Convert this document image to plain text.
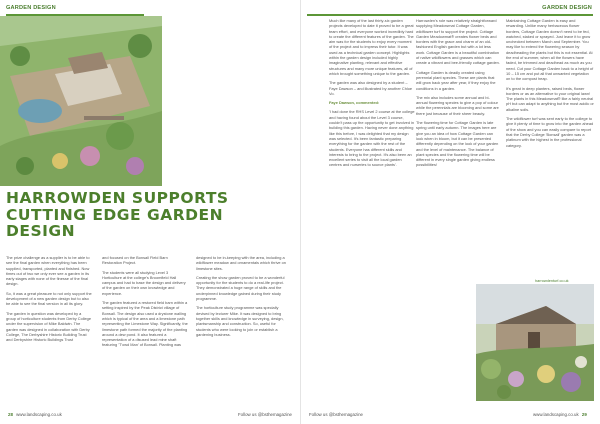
GARDEN DESIGN
HARROWDEN SUPPORTS CUTTING EDGE GARDEN DESIGN

The prize challenge as a supplier is to be able to see the final garden when everything has been supplied, transported, planted and finished. Now times out of two we only ever see a garden in its early stages with none of the finesse of the final design.

So, it was a great pleasure to not only support the development of a new garden design but to also be able to see the final version in all its glory.

The garden in question was developed by a group of horticulture students from Derby College under the supervision of Mike Baldwin. The garden was designed in collaboration with Derby College, The Derbyshire Historic Building Trust and Derbyshire Historic Buildings Trust

and focused on the Bonsall Field Barn Restoration Project.

The students were all studying Level 3 Horticulture at the college's Broomfield Hall campus and had to base the design and delivery of the garden on their own knowledge and experience.

The garden featured a restored field barn within a setting inspired by the Peak District village of Bonsall. The design also used a drystone walling which is typical of the area and a limestone path representing the Limestone Way. Significantly, the limestone path formed the majority of the planting around a dew pond. It also featured a representation of a disused lead mine shaft featuring 'T'owd Man' of Bonsall. Planting was

designed to be in-keeping with the area, including a wildflower meadow and ornamentals which thrive on limestone sites.

Creating the show garden proved to be a wonderful opportunity for the students to do a real-life project. They demonstrated a huge range of skills and the underpinned knowledge gained during their study programme.

The horticulture study programme was specially devised by lecturer Mike. It was designed to bring together skills and knowledge in surveying, design, plantsmanship and construction. So, useful for students who were looking to join or establish a gardening business.

28 www.landscaping.co.uk	Follow us @bsthemagazine
GARDEN DESIGN

Much like many of the last thirty-six garden projects developed to date it proved to be a great team effort, and everyone worked incredibly hard to create the different features of the garden. The aim was for the students to enjoy every moment of the project and to impress their tutor. It was used as a technical garden concept. Highlights within the garden design included highly imaginative planting, relevant and effective structures and many more unique features, all of which brought something unique to the garden.

The garden was also designed by a student – Faye Dawson – and illustrated by another Chloe Vo.

Faye Dawson, commented:

'I had done the RHS Level 2 course at the college and having found about the Level 3 course, couldn't pass up the opportunity to get involved in building this garden. Having never done anything like this before, I was delighted that my design was selected. It's been fantastic preparing everything for the garden with the rest of the students. Everyone has different skills and interests to bring to the project. It's also been an excellent series to visit all the local garden centres and nurseries to source plants'.

Harrowden's role was relatively straightforward supplying Meadowmat Cottage Garden, wildflower turf to support the project. Cottage Garden Meadowmat® creates flower beds and borders with the grace and charm of an old-fashioned English garden but with a lot less work. Cottage Garden is a beautiful combination of native wildflowers and grasses which can create a vibrant and bee-friendly cottage garden.

Cottage Garden is deadly created using perennial plant species. These are plants that will grow back year after year, if they enjoy the conditions in a garden.

The mix also includes some annual and bi-annual flowering species to give a pop of colour while the perennials are blooming and some are there just because of their sheer beauty.

The flowering time for Cottage Garden is late spring until early autumn. The images here are give you an idea of how Cottage Garden can look when in bloom, but it can be presented differently depending on the look of your garden and the level of maintenance. The balance of plant species and the flowering time will be different in every single garden giving endless possibilities!

Maintaining Cottage Garden is easy and rewarding. Unlike many herbaceous flower borders, Cottage Garden doesn't need to be fed, watched, staked or sprayed. Just leave it to grow unchecked between March and September. You may like to extend the flowering season by deadheading the plants but this is not essential. At the end of summer, when all the flowers have faded, be trimmed and deadhead as much as you need. Cut your Cottage Garden back to a height of 10 – 15 cm and put all that unwanted vegetation on to the compost heap.

It's great in deep planters, raised beds, flower borders or as an alternative to your original lawn! The plants in this Meadowmat® like a fairly neutral pH but can adapt to anything but the most acidic or alkaline soils.

The wildflower turf was sent early to the college to give it plenty of time to grow into the garden ahead of the show and you can easily compare to report that the Derby College 'Bonsall' garden was a platinum with the highest in the professional category.

harrowdenturf.co.uk
Follow us @bsthemagazine	www.landscaping.co.uk 29
